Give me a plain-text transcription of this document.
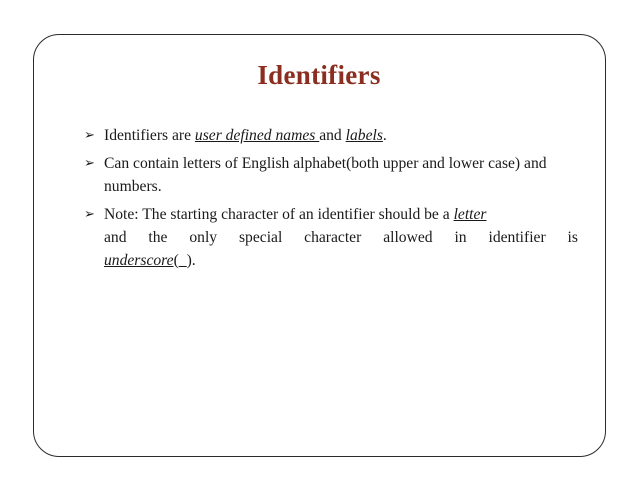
Identifiers
➢ Identifiers are user defined names and labels.
➢ Can contain letters of English alphabet(both upper and lower case) and numbers.
➢ Note: The starting character of an identifier should be a letter
and the only special character allowed in identifier is
underscore(_).
